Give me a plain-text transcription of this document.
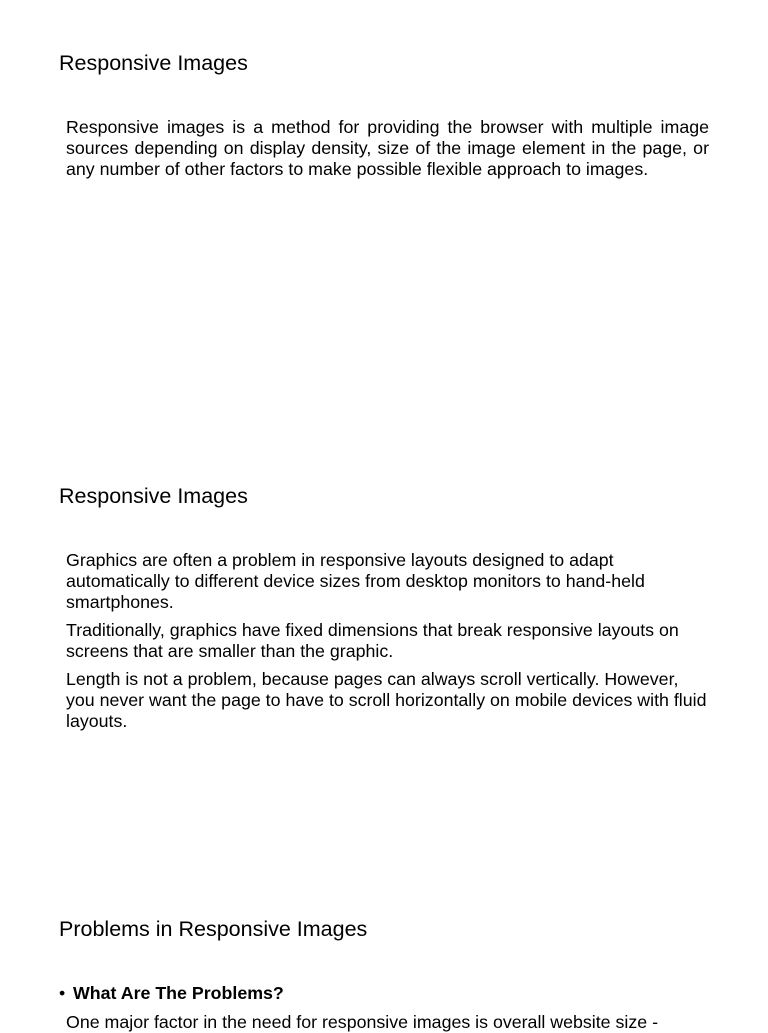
Responsive Images

Responsive images is a method for providing the browser with multiple image sources depending on display density, size of the image element in the page, or any number of other factors to make possible flexible approach to images.

Responsive Images

Graphics are often a problem in responsive layouts designed to adapt automatically to different device sizes from desktop monitors to hand-held smartphones.

Traditionally, graphics have fixed dimensions that break responsive layouts on screens that are smaller than the graphic.

Length is not a problem, because pages can always scroll vertically. However, you never want the page to have to scroll horizontally on mobile devices with fluid layouts.

Problems in Responsive Images
• What Are The Problems?
One major factor in the need for responsive images is overall website size -
